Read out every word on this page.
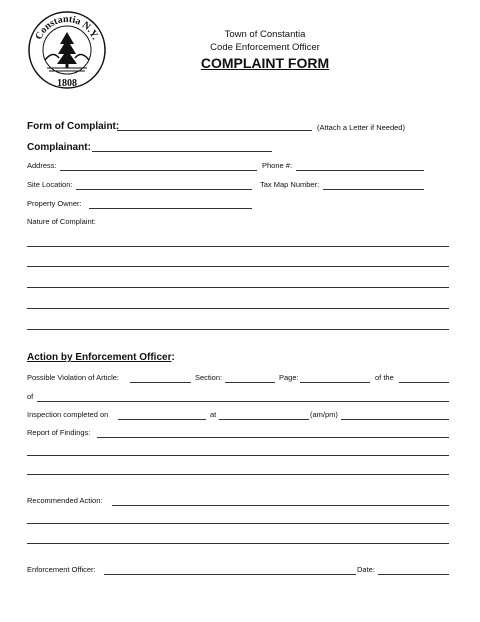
Constantia N.Y.
1808
Town of Constantia
Code Enforcement Officer
COMPLAINT FORM
Form of Complaint:	(Attach a Letter if Needed)
Complainant:
Address:	Phone #:
Site Location:	Tax Map Number:
Property Owner:
Nature of Complaint:
Action by Enforcement Officer:
Possible Violation of Article:	Section:	Page:	of the
of
Inspection completed on	at	(am/pm)
Report of Findings:
Recommended Action:
Enforcement Officer:	Date:
